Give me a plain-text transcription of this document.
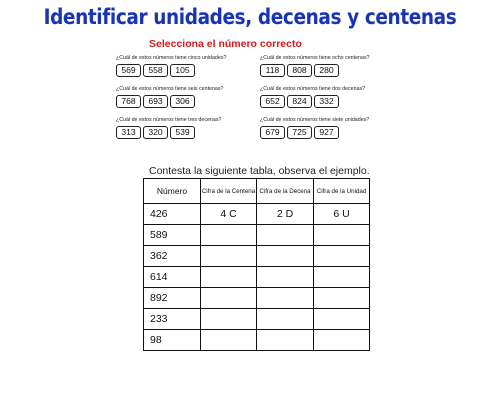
Identificar unidades, decenas y centenas
Selecciona el número correcto
¿Cuál de estos números tiene cinco unidades?
569	558	105
¿Cuál de estos números tiene ocho centenas?
118	808	280
¿Cuál de estos números tiene seis centenas?
768	693	306
¿Cuál de estos números tiene dos decenas?
652	824	332
¿Cuál de estos números tiene tres decenas?
313	320	539
¿Cuál de estos números tiene siete unidades?
679	725	927
Contesta la siguiente tabla, observa el ejemplo.
Número	Cifra de la Centena	Cifra de la Decena	Cifra de la Unidad
426	4 C	2 D	6 U
589			
362			
614			
892			
233			
98			
